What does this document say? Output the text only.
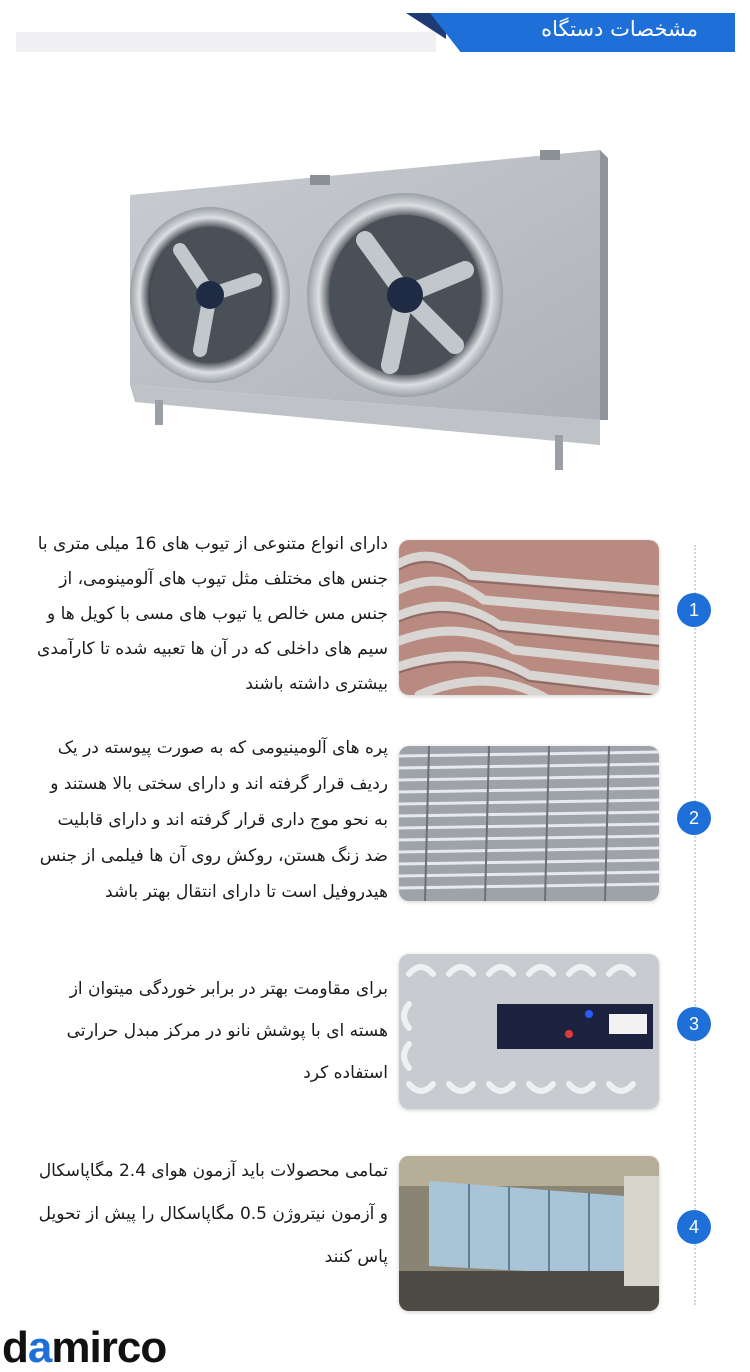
مشخصات دستگاه
دارای انواع متنوعی از تیوب های 16 میلی متری با
جنس های مختلف مثل تیوب های آلومینومی، از
جنس مس خالص یا تیوب های مسی با کویل ها و
سیم های داخلی که در آن ها تعبیه شده تا کارآمدی
بیشتری داشته باشند
1
پره های آلومینیومی که به صورت پیوسته در یک
ردیف قرار گرفته اند و دارای سختی بالا هستند و
به نحو موج داری قرار گرفته اند و دارای قابلیت
ضد زنگ هستن، روکش روی آن ها فیلمی از جنس
هیدروفیل است تا دارای انتقال بهتر باشد
2
برای مقاومت بهتر در برابر خوردگی میتوان از
هسته ای با پوشش نانو در مرکز مبدل حرارتی
استفاده کرد
3
تمامی محصولات باید آزمون هوای 2.4 مگاپاسکال
و آزمون نیتروژن 0.5 مگاپاسکال را پیش از تحویل
پاس کنند
4
damirco
